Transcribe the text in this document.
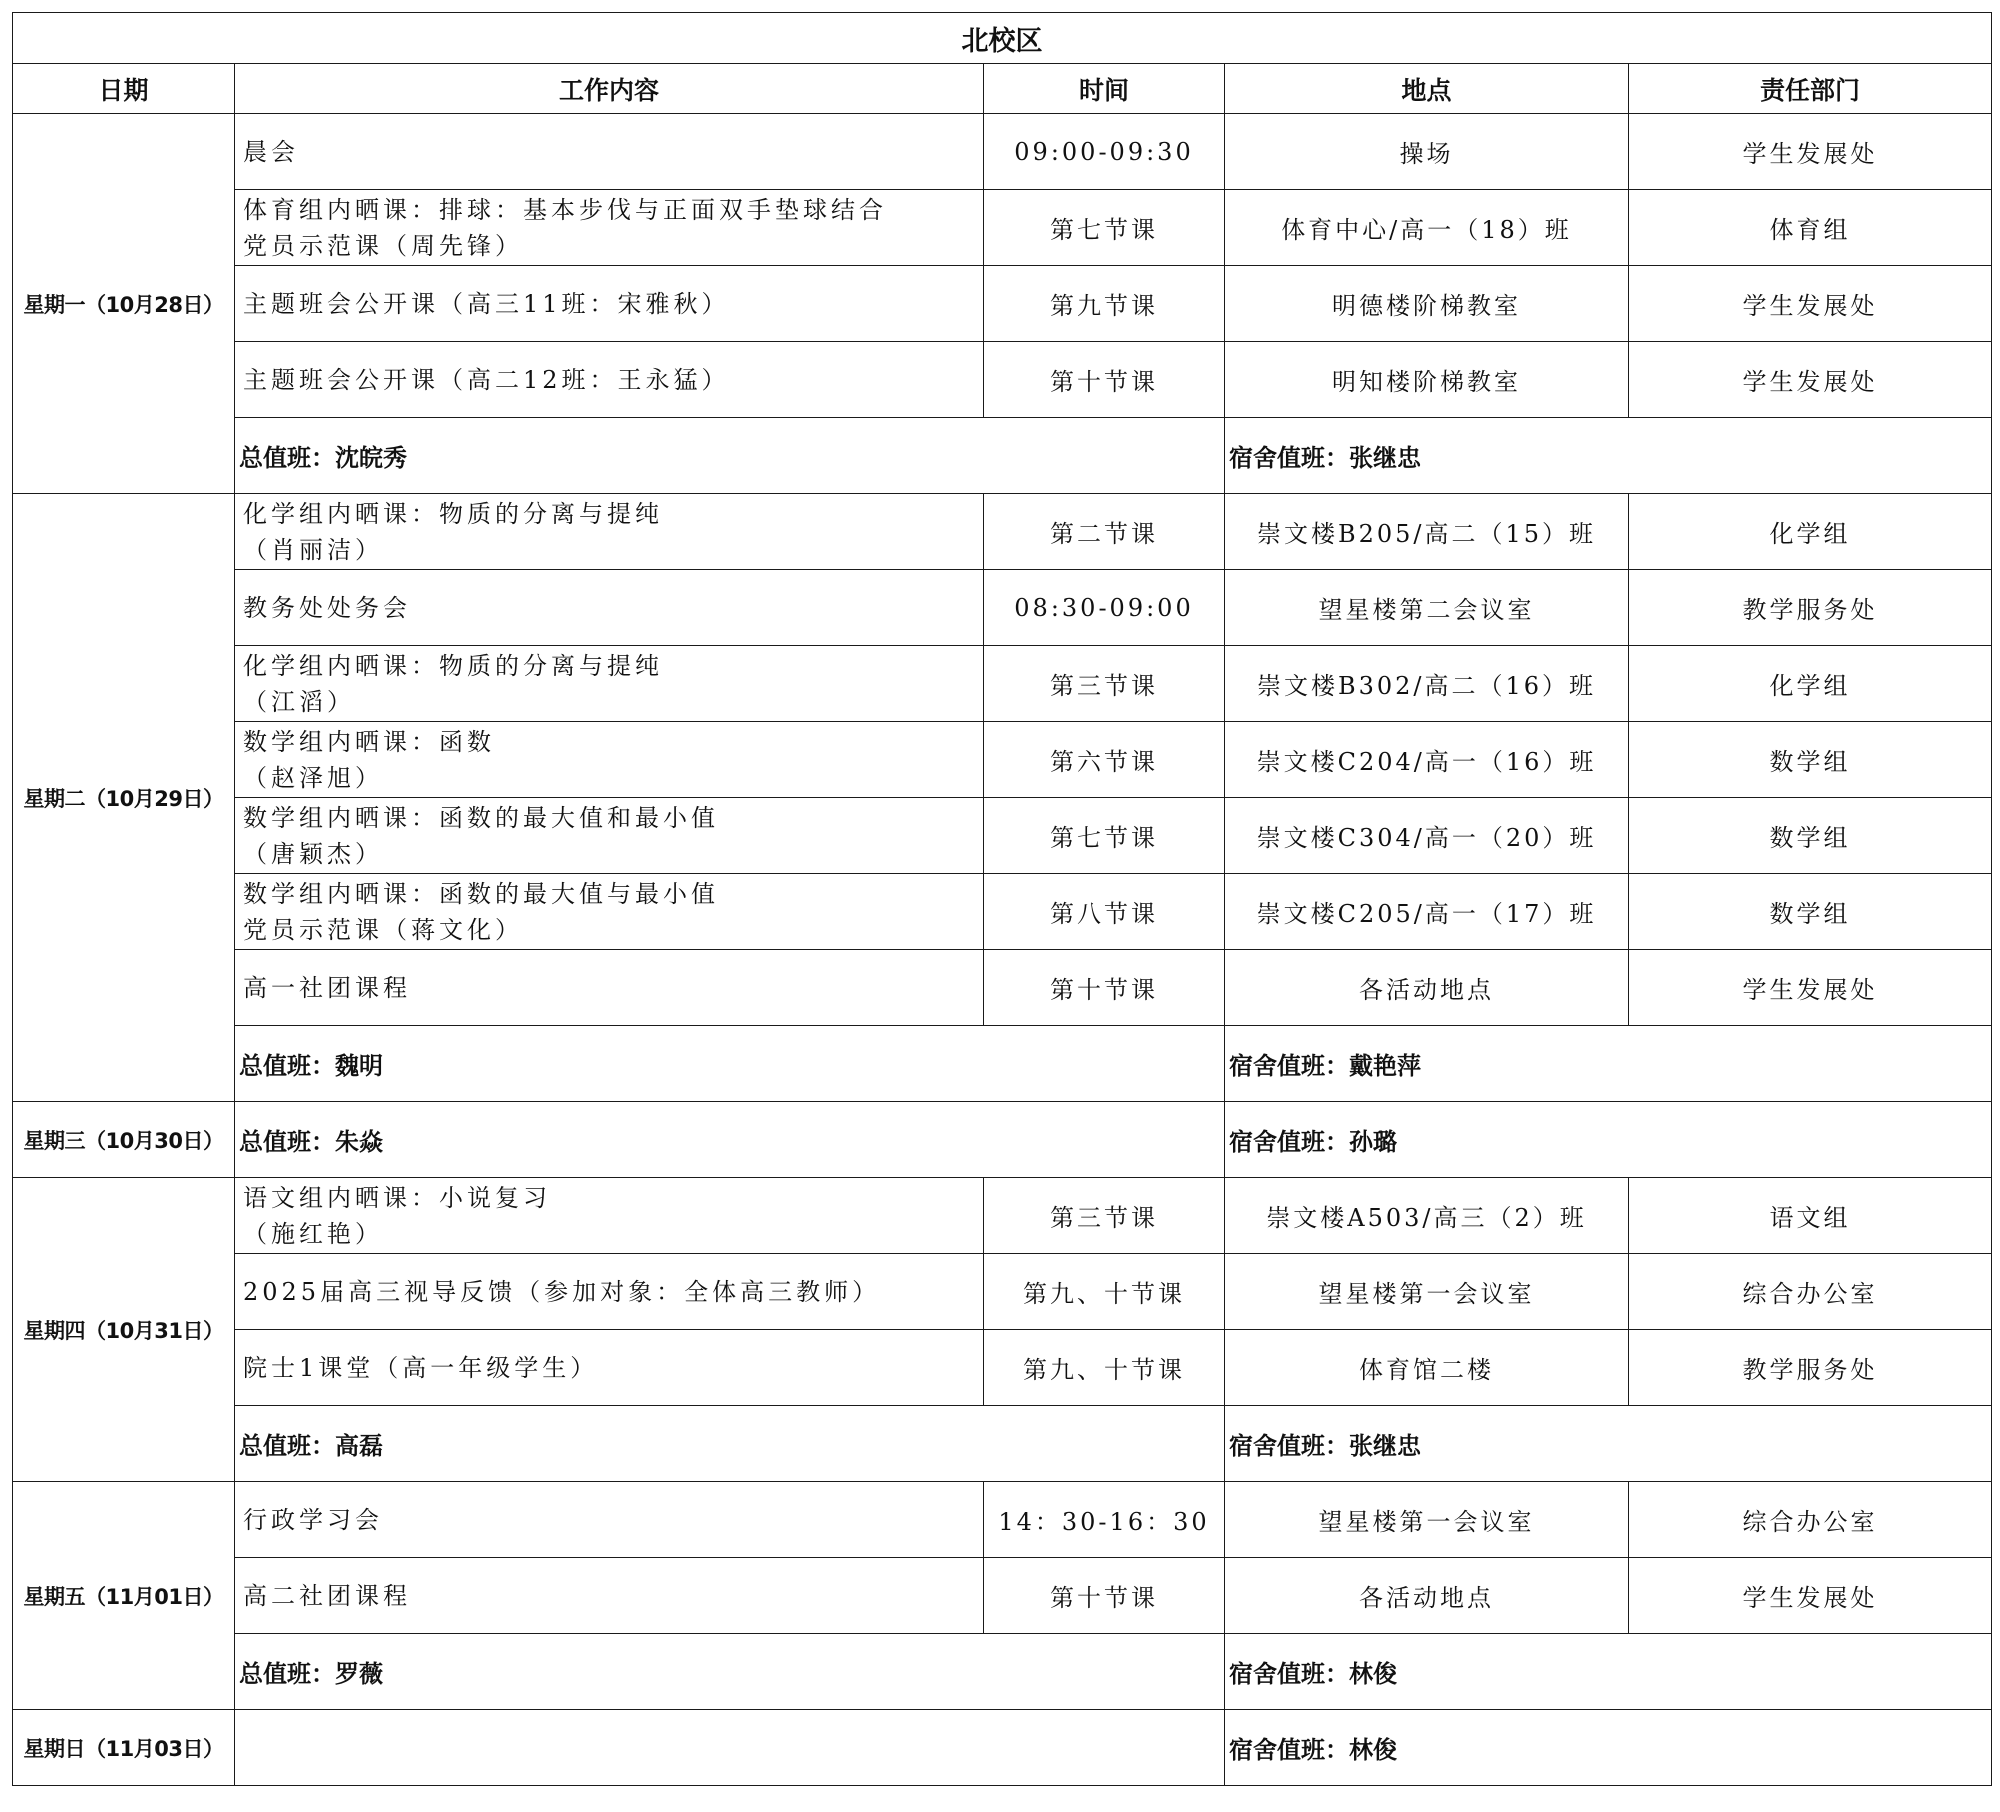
北校区				
日期	工作内容	时间	地点	责任部门
星期一（10月28日）	晨会	09:00-09:30	操场	学生发展处

	体育组内晒课：排球：基本步伐与正面双手垫球结合
党员示范课（周先锋）	第七节课	体育中心/高一（18）班	体育组

	主题班会公开课（高三11班：宋雅秋）	第九节课	明德楼阶梯教室	学生发展处

	主题班会公开课（高二12班：王永猛）	第十节课	明知楼阶梯教室	学生发展处
	总值班：沈皖秀		宿舍值班：张继忠	
星期二（10月29日）	化学组内晒课：物质的分离与提纯
（肖丽洁）	第二节课	崇文楼B205/高二（15）班	化学组

	教务处处务会	08:30-09:00	望星楼第二会议室	教学服务处

	化学组内晒课：物质的分离与提纯
（江滔）	第三节课	崇文楼B302/高二（16）班	化学组

	数学组内晒课：函数
（赵泽旭）	第六节课	崇文楼C204/高一（16）班	数学组

	数学组内晒课：函数的最大值和最小值
（唐颖杰）	第七节课	崇文楼C304/高一（20）班	数学组

	数学组内晒课：函数的最大值与最小值
党员示范课（蒋文化）	第八节课	崇文楼C205/高一（17）班	数学组

	高一社团课程	第十节课	各活动地点	学生发展处
	总值班：魏明		宿舍值班：戴艳萍	
星期三（10月30日）	总值班：朱焱		宿舍值班：孙璐	
星期四（10月31日）	语文组内晒课：小说复习
（施红艳）	第三节课	崇文楼A503/高三（2）班	语文组

	2025届高三视导反馈（参加对象：全体高三教师）	第九、十节课	望星楼第一会议室	综合办公室

	院士1课堂（高一年级学生）	第九、十节课	体育馆二楼	教学服务处
	总值班：高磊		宿舍值班：张继忠	
星期五（11月01日）	行政学习会	14：30-16：30	望星楼第一会议室	综合办公室

	高二社团课程	第十节课	各活动地点	学生发展处
	总值班：罗薇		宿舍值班：林俊	
星期日（11月03日）			宿舍值班：林俊	
